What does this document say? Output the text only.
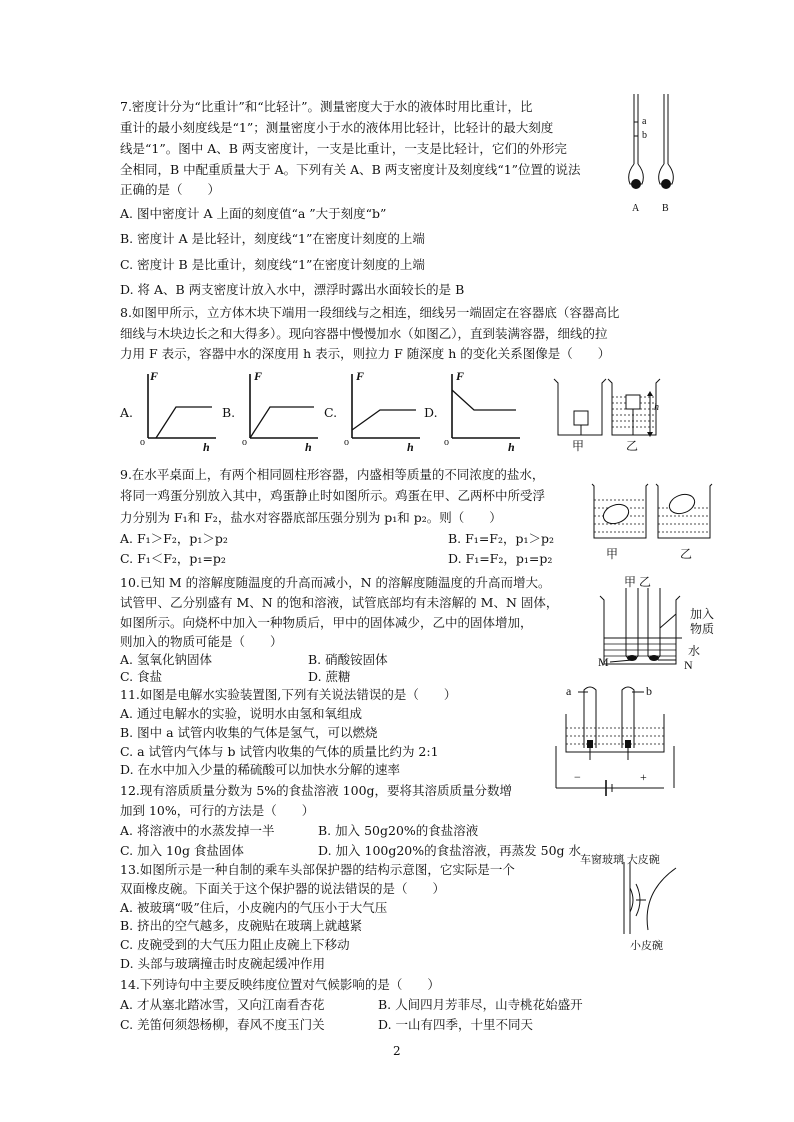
7.密度计分为“比重计”和“比轻计”。测量密度大于水的液体时用比重计，比
重计的最小刻度线是“1”；测量密度小于水的液体用比轻计，比轻计的最大刻度
线是“1”。图中 A、B 两支密度计，一支是比重计，一支是比轻计，它们的外形完
全相同，B 中配重质量大于 A。下列有关 A、B 两支密度计及刻度线“1”位置的说法
正确的是（　　）
A. 图中密度计 A 上面的刻度值“a ”大于刻度“b”
B. 密度计 A 是比轻计，刻度线“1”在密度计刻度的上端
C. 密度计 B 是比重计，刻度线“1”在密度计刻度的上端
D. 将 A、B 两支密度计放入水中，漂浮时露出水面较长的是 B
a
b
A B
8.如图甲所示，立方体木块下端用一段细线与之相连，细线另一端固定在容器底（容器高比
细线与木块边长之和大得多）。现向容器中慢慢加水（如图乙），直到装满容器，细线的拉
力用 F 表示，容器中水的深度用 h 表示，则拉力 F 随深度 h 的变化关系图像是（　　）
A.
F
h
o
B.
F
h
o
C.
F
h
o
D.
F
h
o	甲	乙
h
9.在水平桌面上，有两个相同圆柱形容器，内盛相等质量的不同浓度的盐水，
将同一鸡蛋分别放入其中，鸡蛋静止时如图所示。鸡蛋在甲、乙两杯中所受浮
力分别为 F₁和 F₂，盐水对容器底部压强分别为 p₁和 p₂。则（　　）
A. F₁＞F₂，p₁＞p₂	B. F₁=F₂，p₁＞p₂
C. F₁＜F₂，p₁=p₂	D. F₁=F₂，p₁=p₂	甲	乙
10.已知 M 的溶解度随温度的升高而减小，N 的溶解度随温度的升高而增大。
试管甲、乙分别盛有 M、N 的饱和溶液，试管底部均有未溶解的 M、N 固体，
如图所示。向烧杯中加入一种物质后，甲中的固体减少，乙中的固体增加，
则加入的物质可能是（　　）
A. 氢氧化钠固体	B. 硝酸铵固体
C. 食盐	D. 蔗糖
甲 乙
加入
物质
水
M	N
11.如图是电解水实验装置图,下列有关说法错误的是（　　）
A. 通过电解水的实验，说明水由氢和氧组成
B. 图中 a 试管内收集的气体是氢气，可以燃烧
C. a 试管内气体与 b 试管内收集的气体的质量比约为 2:1
D. 在水中加入少量的稀硫酸可以加快水分解的速率
a	b
−	+
12.现有溶质质量分数为 5%的食盐溶液 100g，要将其溶质质量分数增
加到 10%，可行的方法是（　　）
A. 将溶液中的水蒸发掉一半	B. 加入 50g20%的食盐溶液
C. 加入 10g 食盐固体	D. 加入 100g20%的食盐溶液，再蒸发 50g 水
13.如图所示是一种自制的乘车头部保护器的结构示意图，它实际是一个
双面橡皮碗。下面关于这个保护器的说法错误的是（　　）
A. 被玻璃“吸”住后，小皮碗内的气压小于大气压
B. 挤出的空气越多，皮碗贴在玻璃上就越紧
C. 皮碗受到的大气压力阻止皮碗上下移动
D. 头部与玻璃撞击时皮碗起缓冲作用
车窗玻璃 大皮碗
小皮碗
14.下列诗句中主要反映纬度位置对气候影响的是（　　）
A. 才从塞北踏冰雪，又向江南看杏花	B. 人间四月芳菲尽，山寺桃花始盛开
C. 羌笛何须怨杨柳，春风不度玉门关	D. 一山有四季，十里不同天
2
